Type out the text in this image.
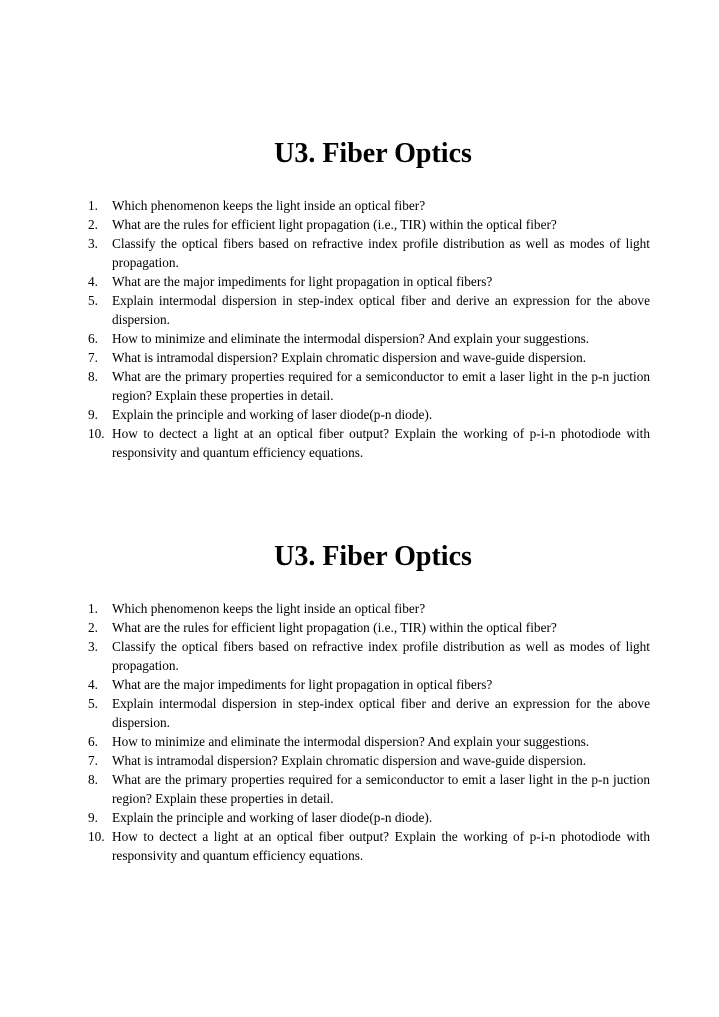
U3. Fiber Optics
1.	Which phenomenon keeps the light inside an optical fiber?
2.	What are the rules for efficient light propagation (i.e., TIR) within the optical fiber?
3.	Classify the optical fibers based on refractive index profile distribution as well as modes of light propagation.
4.	What are the major impediments for light propagation in optical fibers?
5.	Explain intermodal dispersion in step-index optical fiber and derive an expression for the above dispersion.
6.	How to minimize and eliminate the intermodal dispersion? And explain your suggestions.
7.	What is intramodal dispersion? Explain chromatic dispersion and wave-guide dispersion.
8.	What are the primary properties required for a semiconductor to emit a laser light in the p-n juction region? Explain these properties in detail.
9.	Explain the principle and working of laser diode(p-n diode).
10. How to dectect a light at an optical fiber output? Explain the working of p-i-n photodiode with responsivity and quantum efficiency equations.
U3. Fiber Optics
1.	Which phenomenon keeps the light inside an optical fiber?
2.	What are the rules for efficient light propagation (i.e., TIR) within the optical fiber?
3.	Classify the optical fibers based on refractive index profile distribution as well as modes of light propagation.
4.	What are the major impediments for light propagation in optical fibers?
5.	Explain intermodal dispersion in step-index optical fiber and derive an expression for the above dispersion.
6.	How to minimize and eliminate the intermodal dispersion? And explain your suggestions.
7.	What is intramodal dispersion? Explain chromatic dispersion and wave-guide dispersion.
8.	What are the primary properties required for a semiconductor to emit a laser light in the p-n juction region? Explain these properties in detail.
9.	Explain the principle and working of laser diode(p-n diode).
10. How to dectect a light at an optical fiber output? Explain the working of p-i-n photodiode with responsivity and quantum efficiency equations.
